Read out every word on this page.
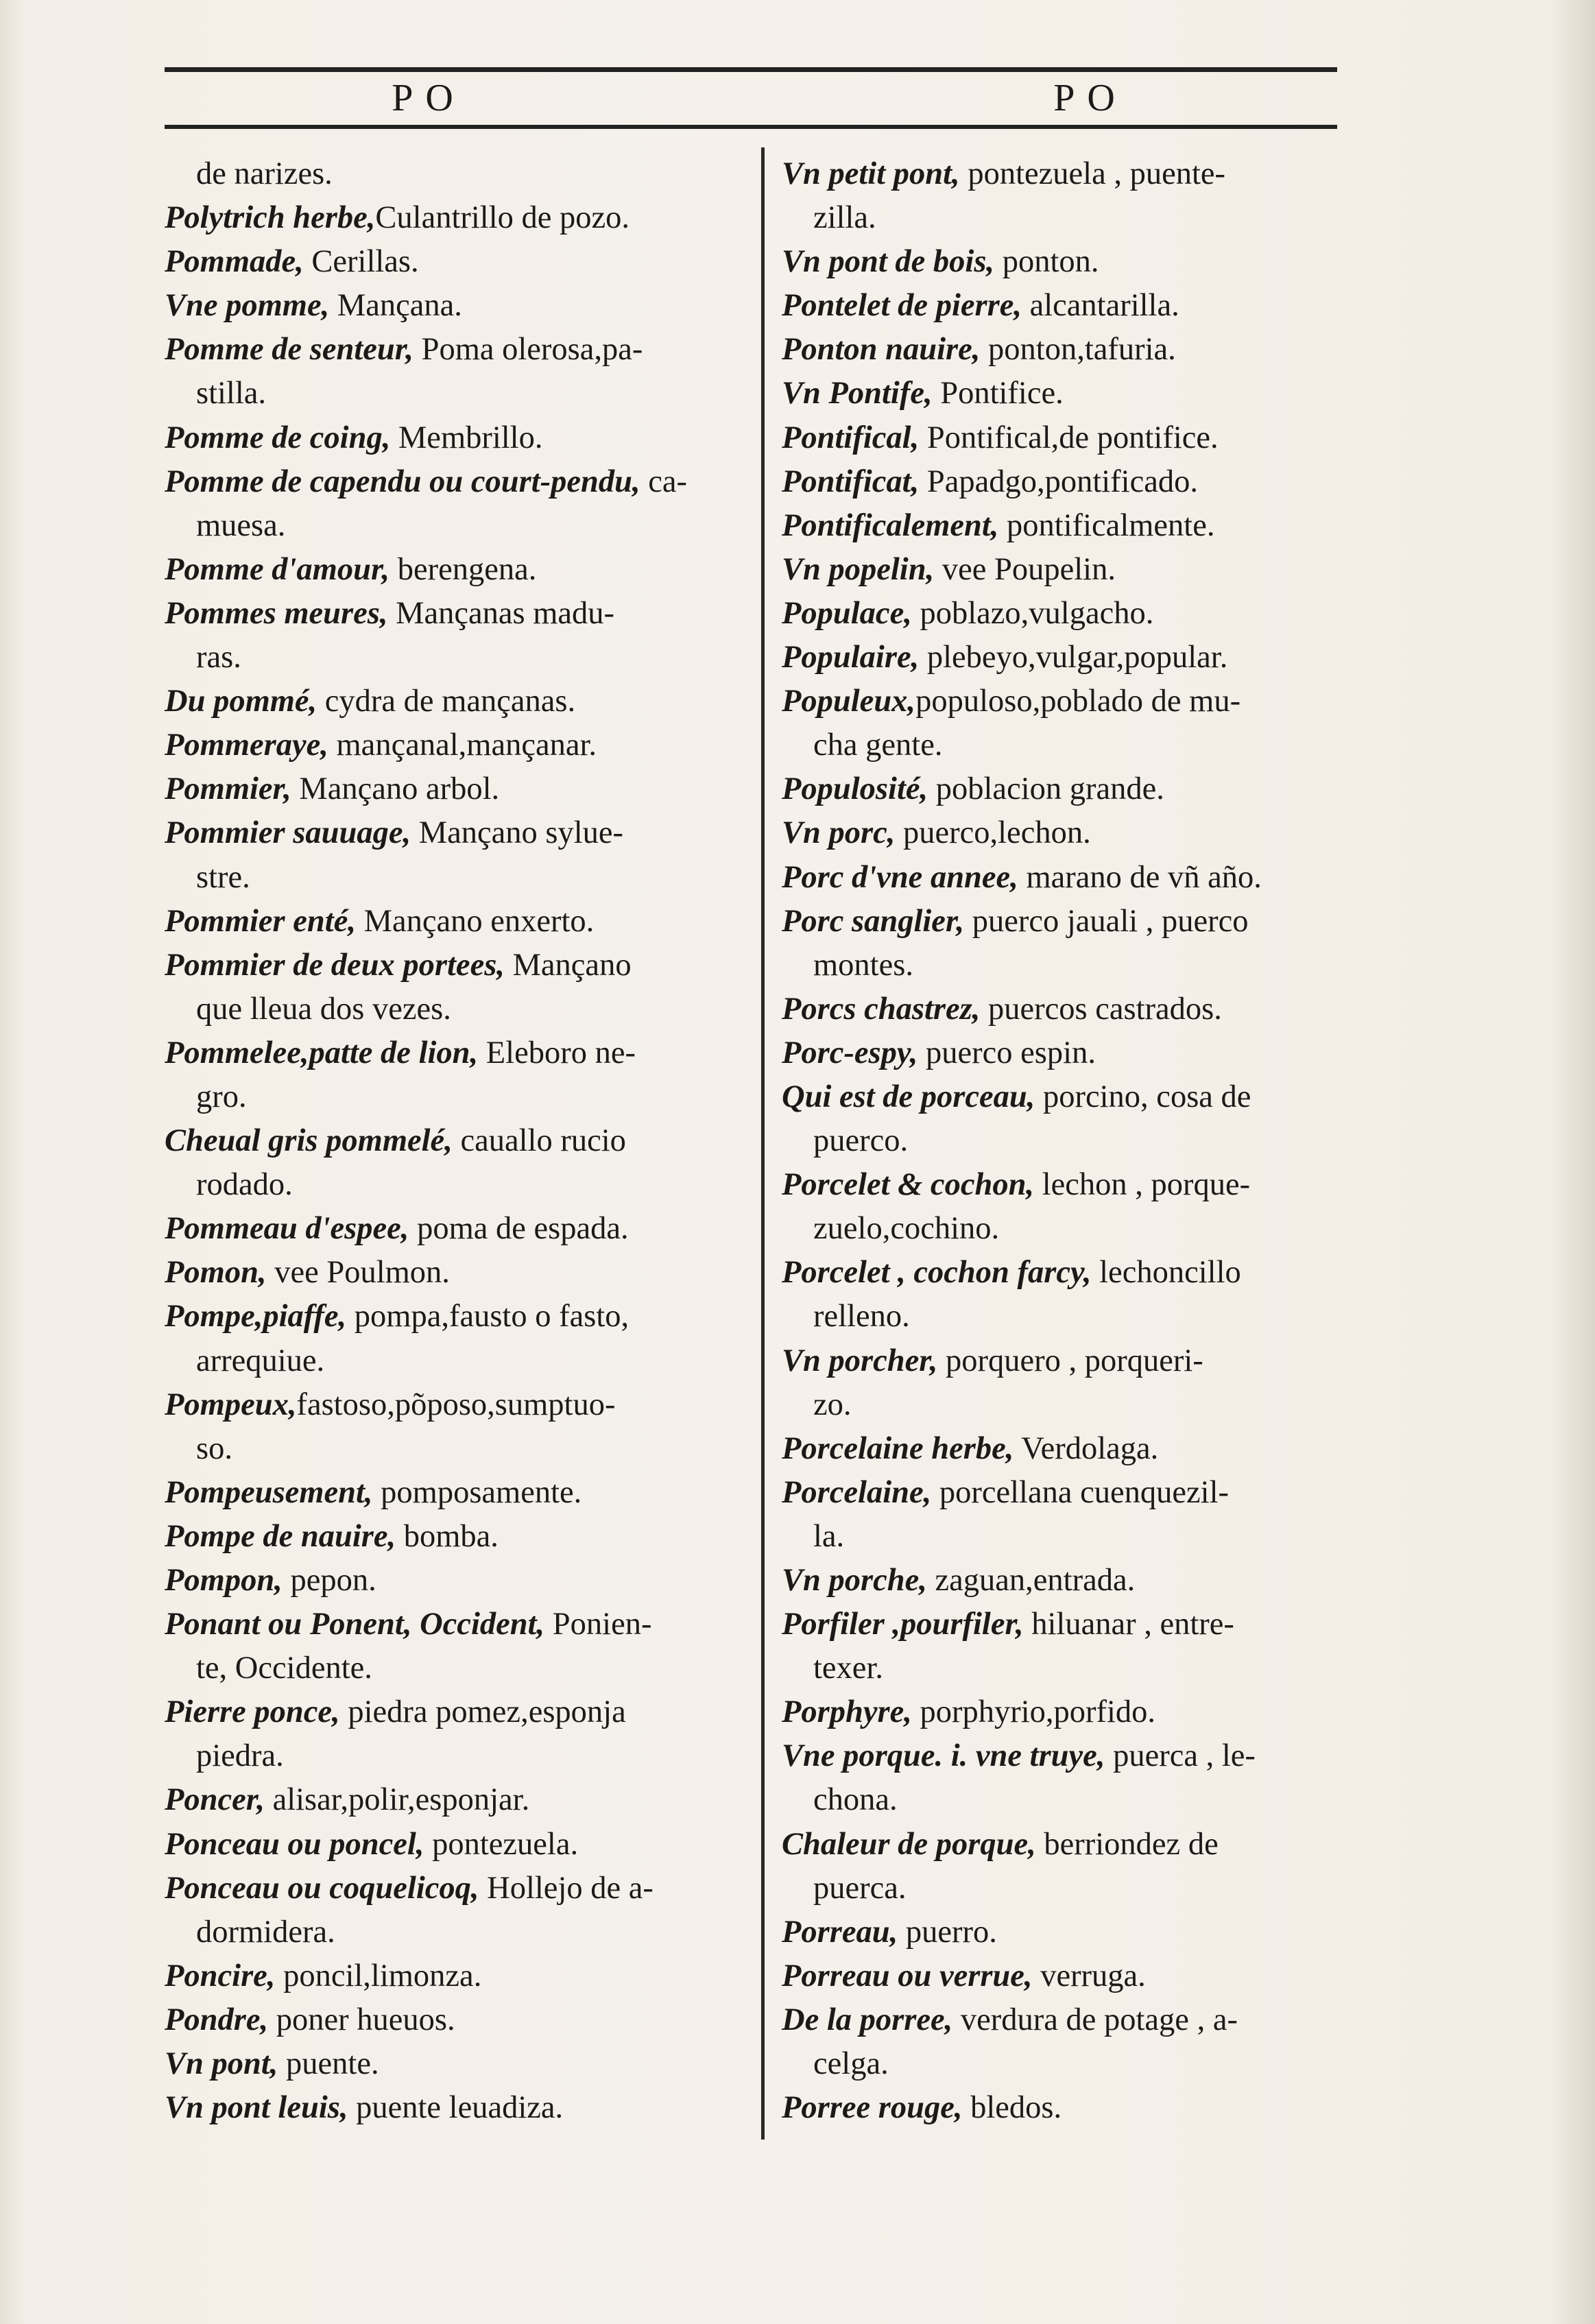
PO	PO
de narizes.
Polytrich herbe,Culantrillo de pozo.
Pommade, Cerillas.
Vne pomme, Mançana.
Pomme de senteur, Poma olerosa,pa-
stilla.
Pomme de coing, Membrillo.
Pomme de capendu ou court-pendu, ca-
muesa.
Pomme d'amour, berengena.
Pommes meures, Mançanas madu-
ras.
Du pommé, cydra de mançanas.
Pommeraye, mançanal,mançanar.
Pommier, Mançano arbol.
Pommier sauuage, Mançano sylue-
stre.
Pommier enté, Mançano enxerto.
Pommier de deux portees, Mançano
que lleua dos vezes.
Pommelee,patte de lion, Eleboro ne-
gro.
Cheual gris pommelé, cauallo rucio
rodado.
Pommeau d'espee, poma de espada.
Pomon, vee Poulmon.
Pompe,piaffe, pompa,fausto o fasto,
arrequiue.
Pompeux,fastoso,põposo,sumptuo-
so.
Pompeusement, pomposamente.
Pompe de nauire, bomba.
Pompon, pepon.
Ponant ou Ponent, Occident, Ponien-
te, Occidente.
Pierre ponce, piedra pomez,esponja
piedra.
Poncer, alisar,polir,esponjar.
Ponceau ou poncel, pontezuela.
Ponceau ou coquelicoq, Hollejo de a-
dormidera.
Poncire, poncil,limonza.
Pondre, poner hueuos.
Vn pont, puente.
Vn pont leuis, puente leuadiza.
Vn petit pont, pontezuela , puente-
zilla.
Vn pont de bois, ponton.
Pontelet de pierre, alcantarilla.
Ponton nauire, ponton,tafuria.
Vn Pontife, Pontifice.
Pontifical, Pontifical,de pontifice.
Pontificat, Papadgo,pontificado.
Pontificalement, pontificalmente.
Vn popelin, vee Poupelin.
Populace, poblazo,vulgacho.
Populaire, plebeyo,vulgar,popular.
Populeux,populoso,poblado de mu-
cha gente.
Populosité, poblacion grande.
Vn porc, puerco,lechon.
Porc d'vne annee, marano de vñ año.
Porc sanglier, puerco jauali , puerco
montes.
Porcs chastrez, puercos castrados.
Porc-espy, puerco espin.
Qui est de porceau, porcino, cosa de
puerco.
Porcelet & cochon, lechon , porque-
zuelo,cochino.
Porcelet , cochon farcy, lechoncillo
relleno.
Vn porcher, porquero , porqueri-
zo.
Porcelaine herbe, Verdolaga.
Porcelaine, porcellana cuenquezil-
la.
Vn porche, zaguan,entrada.
Porfiler ,pourfiler, hiluanar , entre-
texer.
Porphyre, porphyrio,porfido.
Vne porque. i. vne truye, puerca , le-
chona.
Chaleur de porque, berriondez de
puerca.
Porreau, puerro.
Porreau ou verrue, verruga.
De la porree, verdura de potage , a-
celga.
Porree rouge, bledos.
